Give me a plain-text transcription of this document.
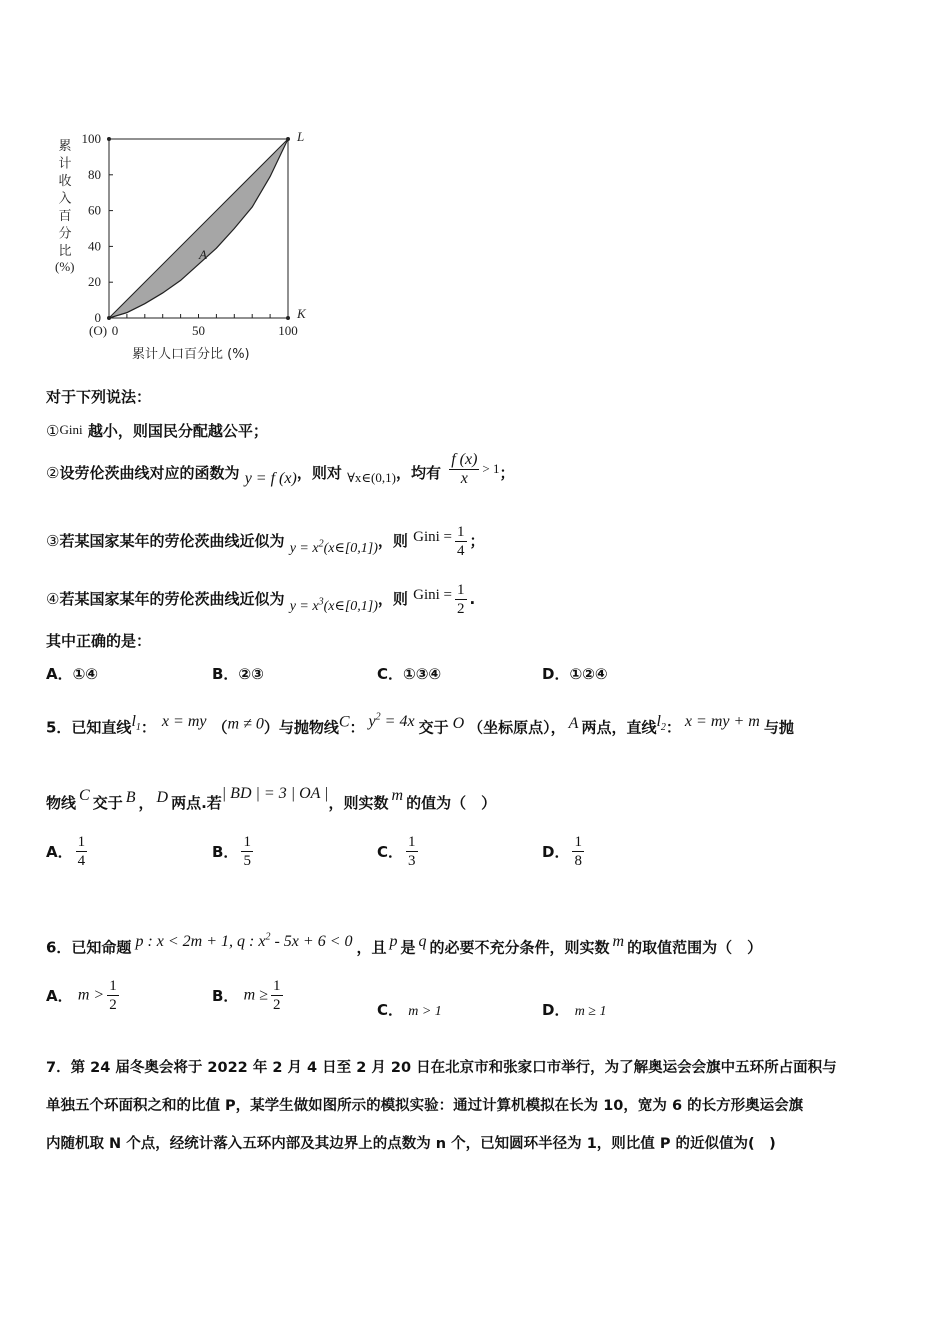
0
20
40
60
80
100
0	50	100
累
计
收
入
百
分
比
(O)
L
K
A
累计人口百分比 (%)
(%)
对于下列说法：
①Gini 越小，则国民分配越公平；
②设劳伦茨曲线对应的函数为 y = f (x)，则对 ∀x∈(0,1)，均有 $\frac{f (x)}{x} > 1$；
③若某国家某年的劳伦茨曲线近似为 $y = x^2(x\in[0,1])$，则 Gini = $\frac{1}{4}$ ；
④若某国家某年的劳伦茨曲线近似为 $y = x^3(x\in[0,1])$，则 Gini = $\frac{1}{2}$ .
其中正确的是：
A．①④	B．②③	C．①③④	D．①②④
5．已知直线$l_1$： x = my （m ≠ 0）与抛物线C： $y^2 = 4x$ 交于 O （坐标原点）， A 两点，直线$l_2$： x = my + m 与抛
物线 C 交于 B ， D 两点.若| BD | = 3 | OA |，则实数 m 的值为（　）
A． $\frac{1}{4}$	B． $\frac{1}{5}$	C． $\frac{1}{3}$	D． $\frac{1}{8}$
6．已知命题 p : x < 2m + 1, q : $x^2 - 5x + 6 < 0$ ，且 p 是 q 的必要不充分条件，则实数 m 的取值范围为（　）
A． $m > \frac{1}{2}$	B． $m \ge \frac{1}{2}$	C． m > 1	D． m ≥ 1
7．第 24 届冬奥会将于 2022 年 2 月 4 日至 2 月 20 日在北京市和张家口市举行，为了解奥运会会旗中五环所占面积与
单独五个环面积之和的比值 P，某学生做如图所示的模拟实验：通过计算机模拟在长为 10，宽为 6 的长方形奥运会旗
内随机取 N 个点，经统计落入五环内部及其边界上的点数为 n 个，已知圆环半径为 1，则比值 P 的近似值为(　)
